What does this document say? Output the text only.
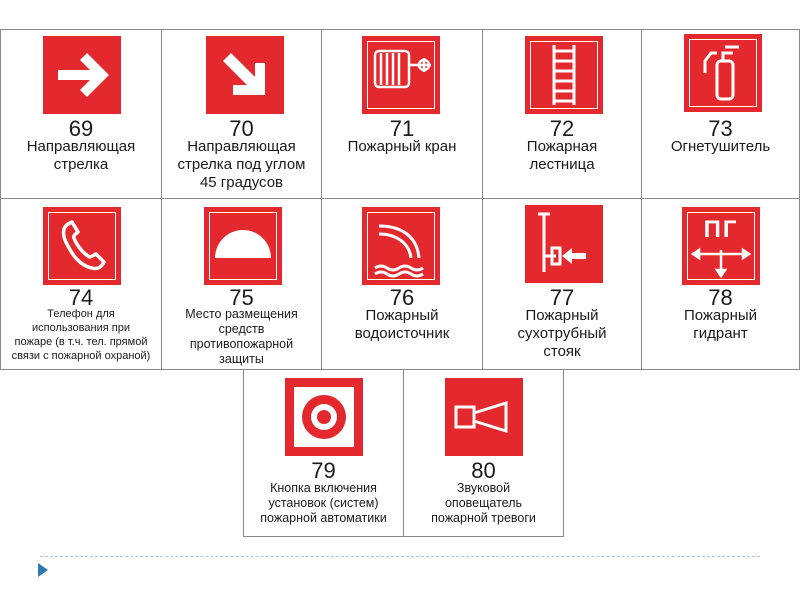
69
Направляющая
стрелка
70
Направляющая
стрелка под углом
45 градусов
71
Пожарный кран
72
Пожарная
лестница
73
Огнетушитель
74
Телефон для
использования при
пожаре (в т.ч. тел. прямой
связи с пожарной охраной)
75
Место размещения
средств
противопожарной
защиты
76
Пожарный
водоисточник
77
Пожарный
сухотрубный
стояк
ПГ
78
Пожарный
гидрант
79
Кнопка включения
установок (систем)
пожарной автоматики
80
Звуковой
оповещатель
пожарной тревоги
